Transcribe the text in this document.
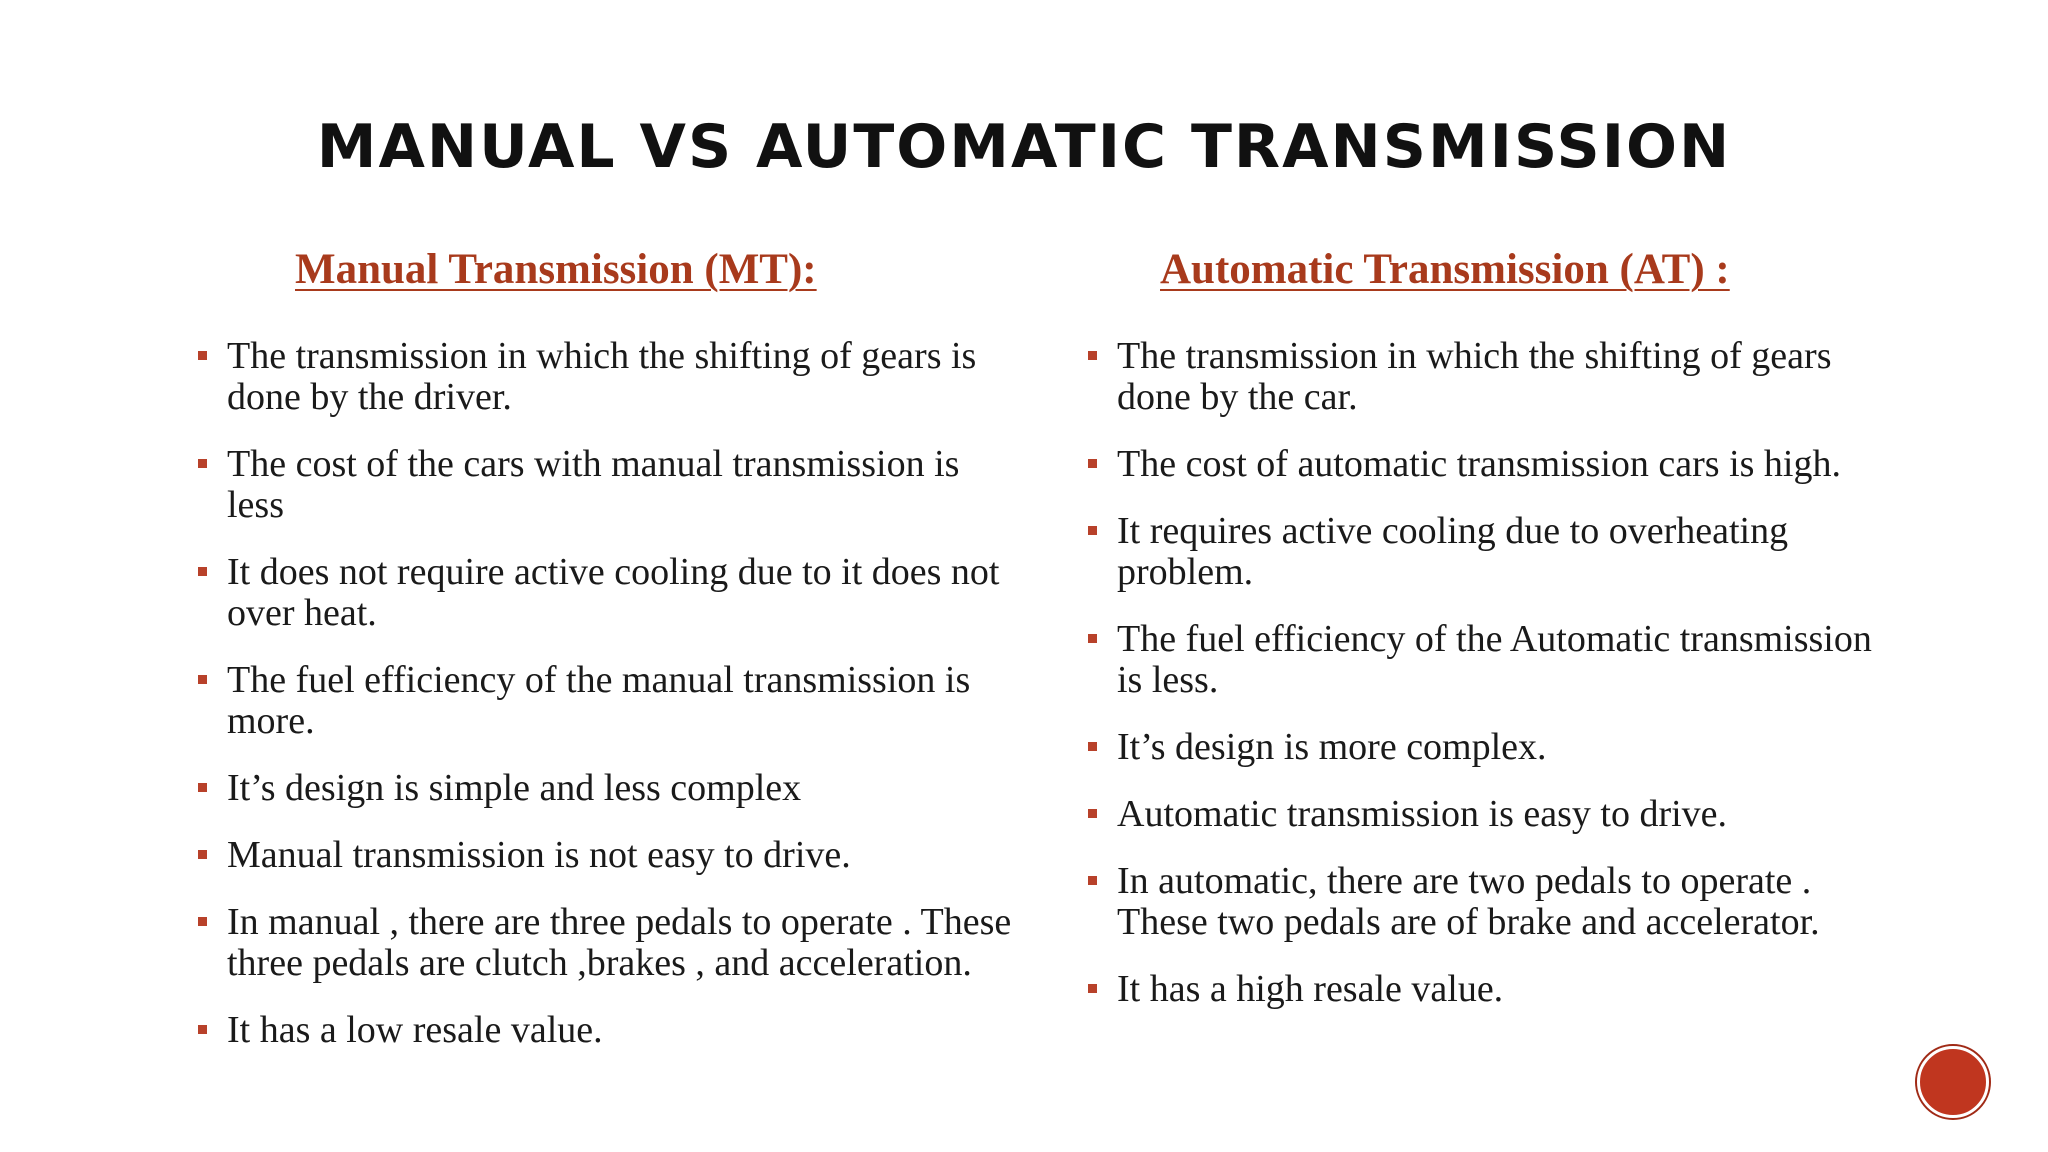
MANUAL VS AUTOMATIC TRANSMISSION
Manual Transmission (MT):
The transmission in which the shifting of gears is done by the driver.
The cost of the cars with manual transmission is less
It does not require active cooling due to it does not over heat.
The fuel efficiency of the manual transmission is more.
It’s design is simple and less complex
Manual transmission is not easy to drive.
In manual , there are three pedals to operate . These three pedals are clutch ,brakes , and acceleration.
It has a low resale value.
Automatic Transmission (AT) :
The transmission in which the shifting of gears done by the car.
The cost of automatic transmission cars is high.
It requires active cooling due to overheating problem.
The fuel efficiency of the Automatic transmission is less.
It’s design is more complex.
Automatic transmission is easy to drive.
In automatic, there are two pedals to operate . These two pedals are of brake and accelerator.
It has a high resale value.
